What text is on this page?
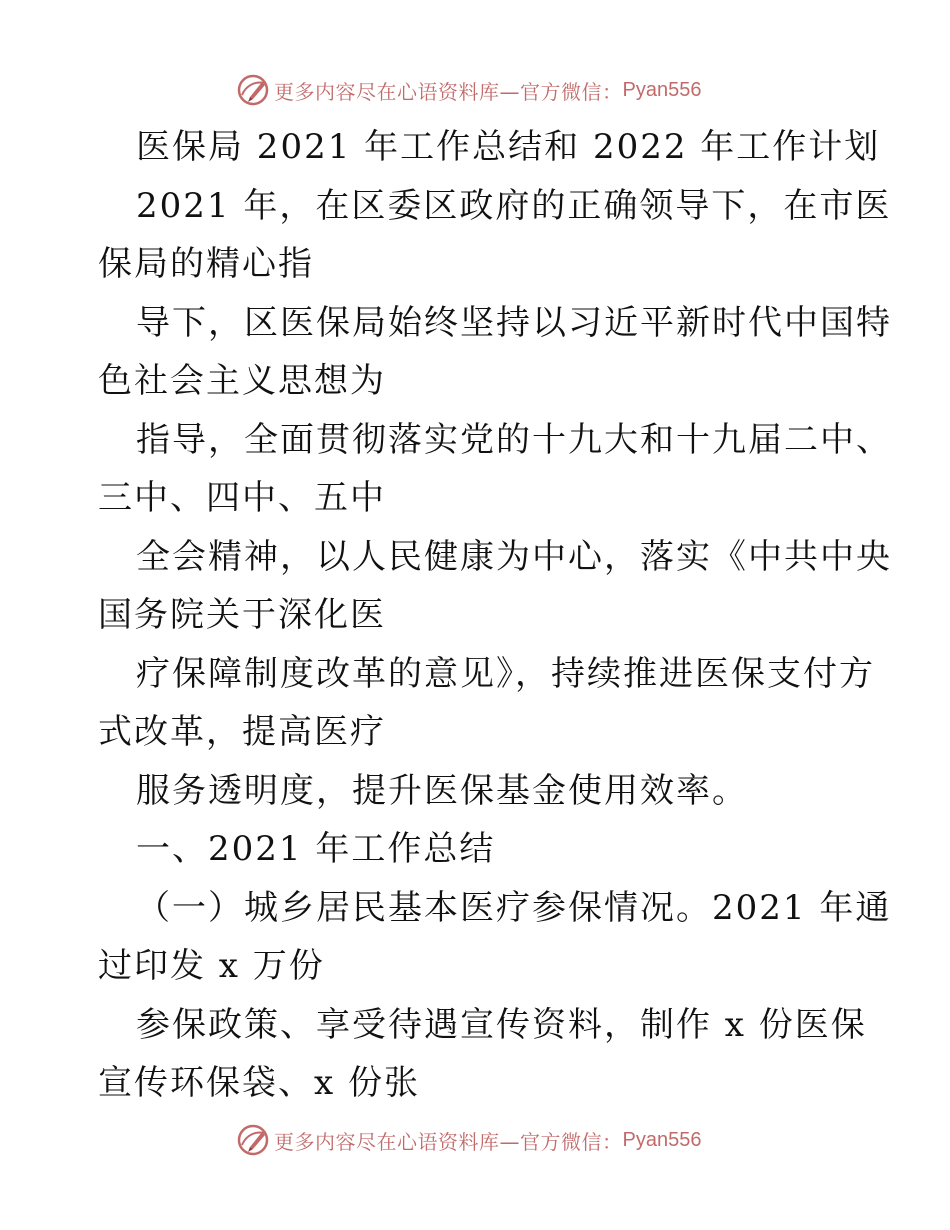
更多内容尽在心语资料库—官方微信： Pyan556
医保局 2021 年工作总结和 2022 年工作计划
2021 年，在区委区政府的正确领导下，在市医
保局的精心指
导下，区医保局始终坚持以习近平新时代中国特
色社会主义思想为
指导，全面贯彻落实党的十九大和十九届二中、
三中、四中、五中
全会精神，以人民健康为中心，落实《中共中央
国务院关于深化医
疗保障制度改革的意见》，持续推进医保支付方
式改革，提高医疗
服务透明度，提升医保基金使用效率。
一、2021 年工作总结
（一）城乡居民基本医疗参保情况。2021 年通
过印发 x 万份
参保政策、享受待遇宣传资料，制作 x 份医保
宣传环保袋、x 份张
更多内容尽在心语资料库—官方微信： Pyan556
